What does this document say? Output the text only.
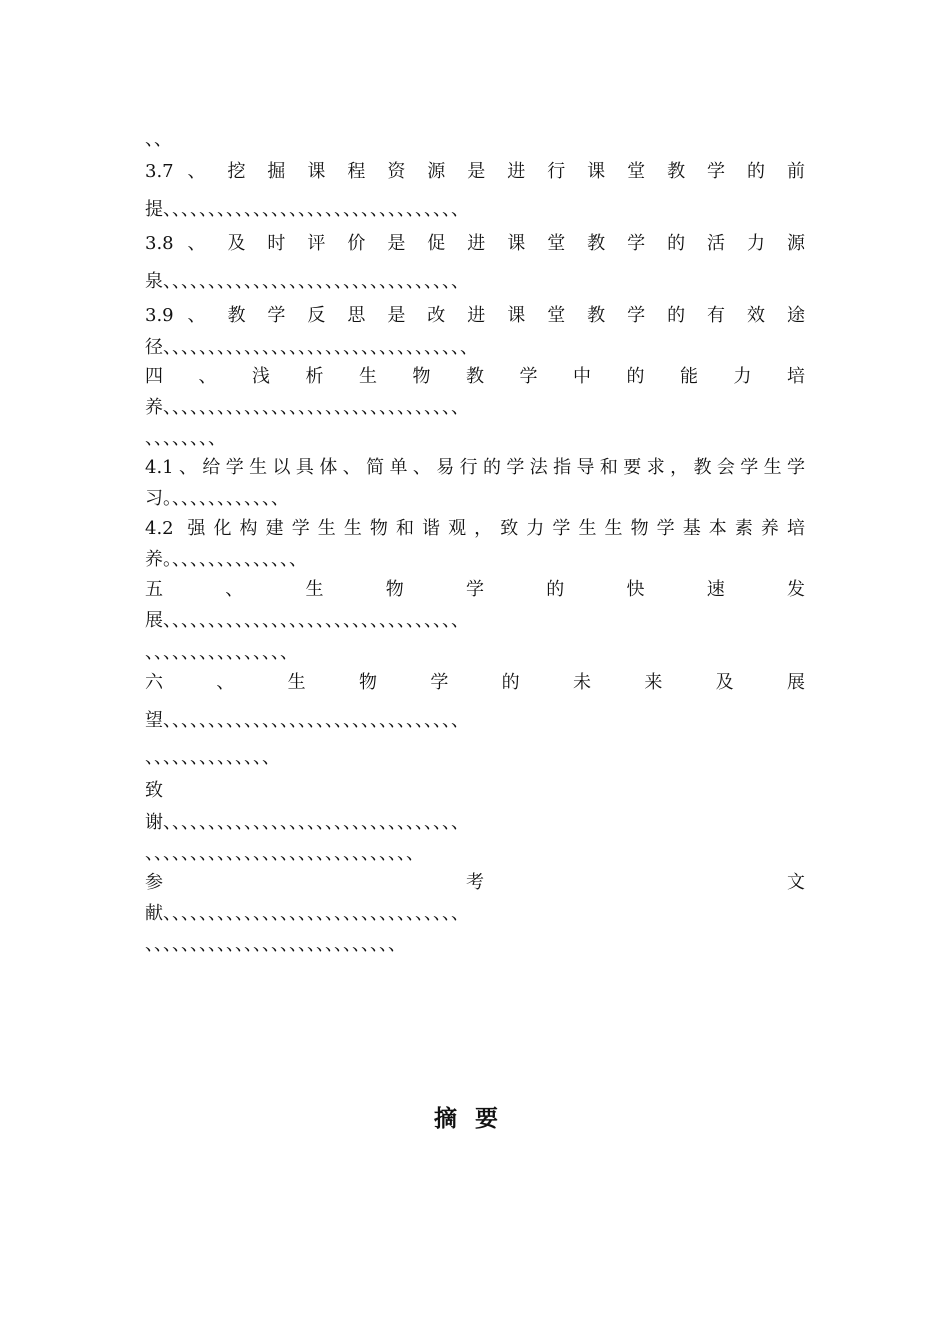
、、
3.7 、 挖 掘 课 程 资 源 是 进 行 课 堂 教 学 的 前
提、、、、、、、、、、、、、、、、、、、、、、、、、、、、、、、、、
3.8 、 及 时 评 价 是 促 进 课 堂 教 学 的 活 力 源
泉、、、、、、、、、、、、、、、、、、、、、、、、、、、、、、、、、
3.9 、 教 学 反 思 是 改 进 课 堂 教 学 的 有 效 途
径、、、、、、、、、、、、、、、、、、、、、、、、、、、、、、、、、、
四 、 浅 析 生 物 教 学 中 的 能 力 培
养、、、、、、、、、、、、、、、、、、、、、、、、、、、、、、、、、
、、、、、、、、
4.1、给学生以具体、简单、易行的学法指导和要求，教会学生学
习。、、、、、、、、、、、、
4.2 强化构建学生生物和谐观，致力学生生物学基本素养培
养。、、、、、、、、、、、、、、
五 、 生 物 学 的 快 速 发
展、、、、、、、、、、、、、、、、、、、、、、、、、、、、、、、、、
、、、、、、、、、、、、、、、、
六 、 生 物 学 的 未 来 及 展
望、、、、、、、、、、、、、、、、、、、、、、、、、、、、、、、、、
、、、、、、、、、、、、、、
致
谢、、、、、、、、、、、、、、、、、、、、、、、、、、、、、、、、、
、、、、、、、、、、、、、、、、、、、、、、、、、、、、、、
参 考 文
献、、、、、、、、、、、、、、、、、、、、、、、、、、、、、、、、、
、、、、、、、、、、、、、、、、、、、、、、、、、、、、
摘要
